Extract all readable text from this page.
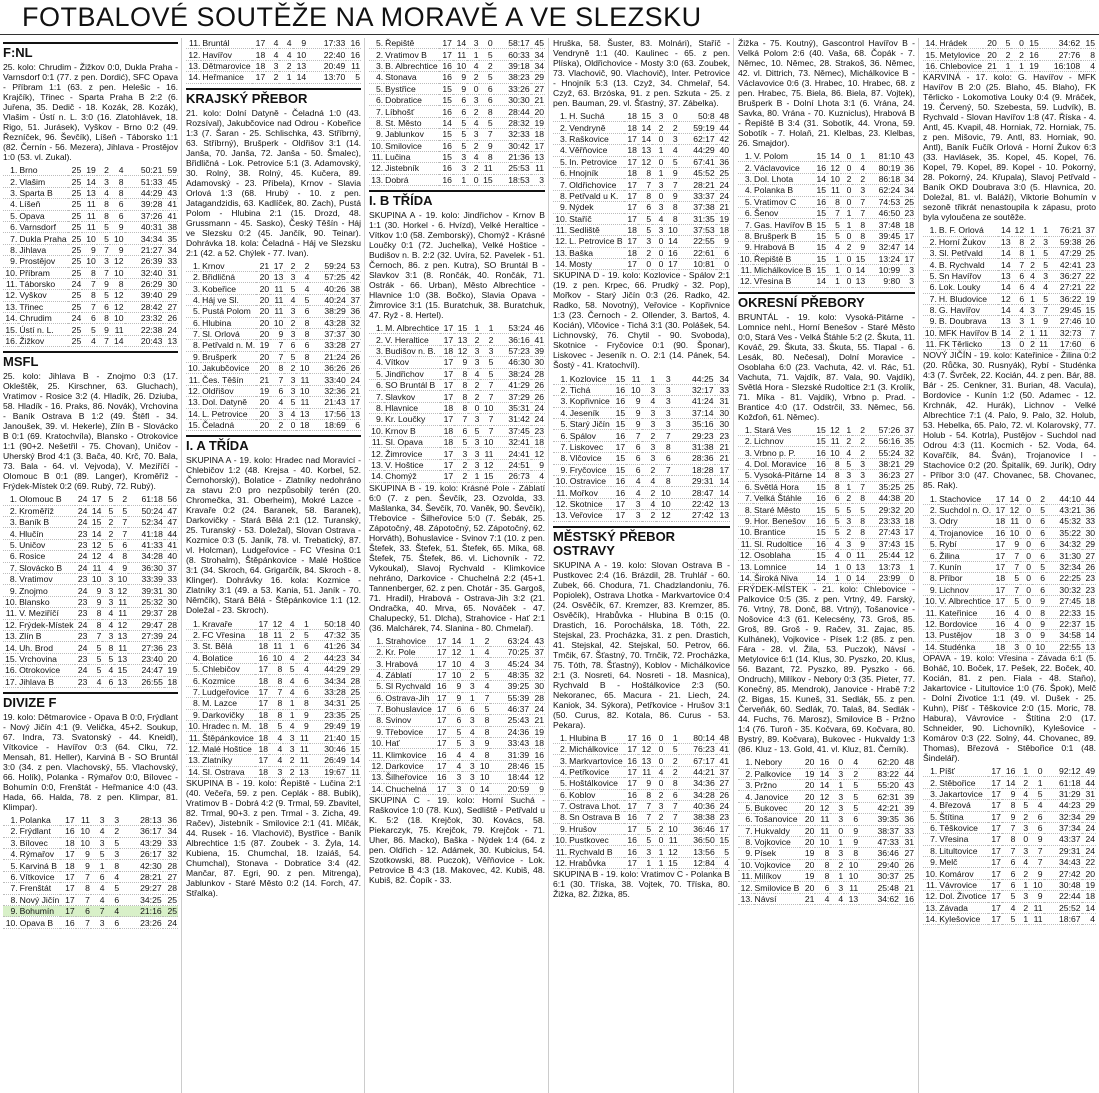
FOTBALOVÉ SOUTĚŽE NA MORAVĚ A VE SLEZSKU
F:NL

25. kolo: Chrudim - Žižkov 0:0, Dukla Praha - Varnsdorf 0:1 (77. z pen. Dordić), SFC Opava - Příbram 1:1 (63. z pen. Helešic - 16. Krajčík), Třinec - Sparta Praha B 2:2 (6. Juřena, 35. Dedič - 18. Kozák, 28. Kozák), Vlašim - Ústí n. L. 3:0 (16. Zlatohlávek, 18. Rigo, 51. Jurásek), Vyškov - Brno 0:2 (49. Řezníček, 96. Ševčík), Líšeň - Táborsko 1:1 (82. Černín - 56. Mezera), Jihlava - Prostějov 1:0 (53. vl. Zukal).

1.	Brno	25	19	2	4	50:21	59
2.	Vlašim	25	14	3	8	51:33	45
3.	Sparta B	25	13	4	8	44:29	43
4.	Líšeň	25	11	8	6	39:28	41
5.	Opava	25	11	8	6	37:26	41
6.	Varnsdorf	25	11	5	9	40:31	38
7.	Dukla Praha	25	10	5	10	34:34	35
8.	Jihlava	25	9	7	9	21:27	34
9.	Prostějov	25	10	3	12	26:39	33
10.	Příbram	25	8	7	10	32:40	31
11.	Táborsko	24	7	9	8	26:29	30
12.	Vyškov	25	8	5	12	39:40	29
13.	Třinec	25	7	6	12	28:42	27
14.	Chrudim	24	6	8	10	23:32	26
15.	Ústí n. L.	25	5	9	11	22:38	24
16.	Žižkov	25	4	7	14	20:43	13
MSFL

25. kolo: Jihlava B - Znojmo 0:3 (17. Okleštěk, 25. Kirschner, 63. Gluchach), Vratimov - Rosice 3:2 (4. Hladík, 26. Dziuba, 58. Hladík - 16. Praks, 86. Novák), Vrchovina - Baník Ostrava B 1:2 (49. Štěfl - 34. Janoušek, 39. vl. Hekerle), Zlín B - Slovácko B 0:1 (69. Kratochvíla), Blansko - Otrokovice 1:1 (90+2. Nešetřil - 75. Chovan), Uničov - Uherský Brod 4:1 (3. Bača, 40. Krč, 70. Bala, 73. Bala - 64. vl. Vejvoda), V. Meziříčí - Olomouc B 0:1 (89. Langer), Kroměříž - Frýdek-Místek 0:2 (69. Rubý, 72. Rubý).

1.	Olomouc B	24	17	5	2	61:18	56
2.	Kroměříž	24	14	5	5	50:24	47
3.	Baník B	24	15	2	7	52:34	47
4.	Hlučín	23	14	2	7	41:18	44
5.	Uničov	23	12	5	6	41:33	41
6.	Rosice	24	12	4	8	34:28	40
7.	Slovácko B	24	11	4	9	36:30	37
8.	Vratimov	23	10	3	10	33:39	33
9.	Znojmo	24	9	3	12	39:31	30
10.	Blansko	23	9	3	11	25:32	30
11.	V. Meziříčí	23	8	4	11	29:37	28
12.	Frýdek-Místek	24	8	4	12	29:47	28
13.	Zlín B	23	7	3	13	27:39	24
14.	Uh. Brod	24	5	8	11	27:36	23
15.	Vrchovina	23	5	5	13	23:40	20
16.	Otrokovice	24	5	4	15	24:47	19
17.	Jihlava B	23	4	6	13	26:55	18
DIVIZE F

19. kolo: Dětmarovice - Opava B 0:0, Frýdlant - Nový Jičín 4:1 (9. Velička, 45+2. Soukup, 67. Indra, 73. Svatonský - 44. Kneidl), Vítkovice - Havířov 0:3 (64. Clku, 72. Mensah, 81. Heller), Karviná B - SO Bruntál 3:0 (34. z pen. Vlachovský, 55. Vlachovský, 66. Holík), Polanka - Rýmařov 0:0, Bílovec - Bohumín 0:0, Frenštát - Heřmanice 4:0 (43. Hada, 66. Halda, 78. z pen. Klimpar, 81. Klimpar).

1.	Polanka	17	11	3	3	28:13	36
2.	Frýdlant	16	10	4	2	36:17	34
3.	Bílovec	18	10	3	5	43:29	33
4.	Rýmařov	17	9	5	3	26:17	32
5.	Karviná B	18	9	1	8	42:30	28
6.	Vítkovice	17	7	6	4	28:21	27
7.	Frenštát	17	8	4	5	29:27	28
8.	Nový Jičín	17	7	4	6	34:25	25
9.	Bohumín	17	6	7	4	21:16	25
10.	Opava B	16	7	3	6	23:26	24
11.	Bruntál	17	4	4	9	17:33	16
12.	Havířov	18	4	4	10	22:40	16
13.	Dětmarovice	18	3	2	13	20:49	11
14.	Heřmanice	17	2	1	14	13:70	5
KRAJSKÝ PŘEBOR

21. kolo: Dolní Datyně - Čeladná 1:0 (43. Rozsíval), Jakubčovice nad Odrou - Kobeřice 1:3 (7. Šaran - 25. Schlischka, 43. Stříbrný, 63. Stříbrný), Brušperk - Oldřišov 3:1 (14. Janša, 70. Janša, 72. Janša - 50. Šmalec), Břidličná - Lok. Petrovice 5:1 (3. Adamovský, 30. Rolný, 38. Rolný, 45. Kučera, 89. Adamovský - 23. Příbela), Krnov - Slavia Orlová 1:3 (68. Hrubý - 10. z pen. Jatagandzidis, 63. Kadlíček, 80. Zach), Pustá Polom - Hlubina 2:1 (15. Drozd, 48. Grussmann - 45. Sasko), Český Těšín - Háj ve Slezsku 0:2 (45. Jančík, 90. Teinar). Dohrávka 18. kola: Čeladná - Háj ve Slezsku 2:1 (42. a 52. Chýlek - 77. Ivan).

1.	Krnov	21	17	2	2	59:24	53
2.	Břidličná	20	13	3	4	57:25	42
3.	Kobeřice	20	11	5	4	40:26	38
4.	Háj ve Sl.	20	11	4	5	40:24	37
5.	Pustá Polom	20	11	3	6	38:29	36
6.	Hlubina	20	10	2	8	43:28	32
7.	Sl. Orlová	20	9	3	8	37:37	30
8.	Petřvald n. M.	19	7	6	6	33:28	27
9.	Brušperk	20	7	5	8	21:24	26
10.	Jakubčovice	20	8	2	10	36:26	26
11.	Čes. Těšín	21	7	3	11	33:40	24
12.	Oldřišov	19	6	3	10	32:36	21
13.	Dol. Datyně	20	4	5	11	21:43	17
14.	L. Petrovice	20	3	4	13	17:56	13
15.	Čeladná	20	2	0	18	18:69	6
I. A TŘÍDA

SKUPINA A - 19. kolo: Hradec nad Moravicí - Chlebičov 1:2 (48. Krejsa - 40. Korbel, 52. Černohorský), Bolatice - Zlatníky nedohráno za stavu 2:0 pro nezpůsobilý terén (20. Chromečka, 31. Oberheim), Mokré Lazce - Kravaře 0:2 (24. Baranek, 58. Baranek), Darkovičky - Stará Bělá 2:1 (12. Turanský, 25. Turanský - 53. Doležal), Slovan Ostrava - Kozmice 0:3 (5. Janík, 78. vl. Trebatický, 87. vl. Holcman), Ludgeřovice - FC Vřesina 0:1 (8. Strohalm), Štěpánkovice - Malé Hoštice 3:1 (34. Skroch, 64. Grigarčík, 84. Skroch - 8. Klinger). Dohrávky 16. kola: Kozmice - Zlatníky 3:1 (49. a 53. Kania, 51. Janík - 70. Němčík), Stará Bělá - Štěpánkovice 1:1 (12. Doležal - 23. Skroch).

1.	Kravaře	17	12	4	1	50:18	40
2.	FC Vřesina	18	11	2	5	47:32	35
3.	St. Bělá	18	11	1	6	41:26	34
4.	Bolatice	16	10	4	2	44:23	34
5.	Chlebičov	17	8	5	4	44:29	29
6.	Kozmice	18	8	4	6	34:34	28
7.	Ludgeřovice	17	7	4	6	33:28	25
8.	M. Lazce	17	8	1	8	34:31	25
9.	Darkovičky	18	8	1	9	23:35	25
10.	Hradec n. M.	18	5	4	9	29:49	19
11.	Štěpánkovice	18	4	3	11	21:40	15
12.	Malé Hoštice	18	4	3	11	30:46	15
13.	Zlatníky	17	4	2	11	26:49	14
14.	Sl. Ostrava	18	3	2	13	19:67	11

SKUPINA B - 19. kolo: Řepiště - Lučina 2:1 (40. Večeřa, 59. z pen. Ceplák - 88. Bubík), Vratimov B - Dobrá 4:2 (9. Trmal, 59. Zbavitel, 82. Trmal, 90+3. z pen. Trmal - 3. Zicha, 49. Račev), Jistebník - Smilovice 2:1 (41. Mlčák, 44. Rusek - 16. Vlachovič), Bystřice - Baník Albrechtice 1:5 (87. Zoubek - 3. Žyla, 14. Kubiena, 15. Chumchal, 18. Izaiáš, 54. Chumchal), Stonava - Dobratice 3:4 (42. Mančar, 87. Egri, 90. z pen. Mitrenga), Jablunkov - Staré Město 0:2 (14. Forch, 47. Střalka).

5.	Řepiště	17	14	3	0	58:17	45
2.	Vratimov B	17	11	1	5	60:33	34
3.	B. Albrechtice	16	10	4	2	39:18	34
4.	Stonava	16	9	2	5	38:23	29
5.	Bystřice	15	9	0	6	33:26	27
6.	Dobratice	15	6	3	6	30:30	21
7.	Líbhošť	16	6	2	8	28:44	20
8.	St. Město	14	5	4	5	28:32	19
9.	Jablunkov	15	5	3	7	32:33	18
10.	Smilovice	16	5	2	9	30:42	17
11.	Lučina	15	3	4	8	21:36	13
12.	Jistebník	16	3	2	11	25:53	11
13.	Dobrá	16	1	0	15	18:53	3
I. B TŘÍDA

SKUPINA A - 19. kolo: Jindřichov - Krnov B 1:1 (30. Horkel - 6. Hvízd), Velké Heraltice - Vítkov 1:0 (58. Zemborský), Chomýž - Krásné Loučky 0:1 (72. Juchelka), Velké Hoštice - Budišov n. B. 2:2 (32. Uvíra, 52. Pavelek - 51. Černoch, 86. z pen. Kutra), SO Bruntál B - Slavkov 3:1 (8. Rončák, 40. Rončák, 71. Ostrák - 66. Urban), Město Albrechtice - Hlavnice 1:0 (38. Bočko), Slavia Opava - Žimrovice 3:1 (15. Buratchuk, 38. Buratchuk, 47. Ryž - 8. Hertel).

1.	M. Albrechtice	17	15	1	1	53:24	46
2.	V. Heraltice	17	13	2	2	36:16	41
3.	Budišov n. B.	18	12	3	3	57:23	39
4.	Vítkov	17	9	3	5	46:30	30
5.	Jindřichov	17	8	4	5	38:24	28
6.	SO Bruntál B	17	8	2	7	41:29	26
7.	Slavkov	17	8	2	7	37:29	26
8.	Hlavnice	18	8	0	10	35:31	24
9.	Kr. Loučky	17	7	3	7	31:42	24
10.	Krnov B	18	6	5	7	37:45	23
11.	Sl. Opava	18	5	3	10	32:41	18
12.	Žimrovice	17	3	3	11	24:41	12
13.	V. Hoštice	17	2	3	12	24:51	9
14.	Chomýž	17	2	1	15	26:73	4

SKUPINA B - 19. kolo: Krásné Pole - Záblatí 6:0 (7. z pen. Ševčík, 23. Ozvolda, 33. Mašlanka, 34. Ševčík, 70. Vaněk, 90. Ševčík), Třebovice - Šilheřovice 5:0 (7. Šebák, 25. Zápotočný, 48. Zápotočný, 52. Zápotočný, 62. Horváth), Bohuslavice - Svinov 7:1 (10. z pen. Štefek, 33. Štefek, 51. Štefek, 65. Míka, 68. Štefek, 75. Štefek, 86. vl. Lichovník - 72. Vykoukal), Slavoj Rychvald - Klimkovice nehráno, Darkovice - Chuchelná 2:2 (45+1. Tannenberger, 62. z pen. Chotár - 35. Gargoš, 71. Hradil), Hrabová - Ostrava-Jih 3:2 (21. Ondračka, 40. Mrva, 65. Nováček - 47. Chalupecký, 51. Dlcha), Strahovice - Hať 2:1 (36. Malchárek, 74. Slanina - 80. Chmelař).

1.	Strahovice	17	14	1	2	63:24	43
2.	Kr. Pole	17	12	1	4	70:25	37
3.	Hrabová	17	10	4	3	45:24	34
4.	Záblatí	17	10	2	5	48:35	32
5.	Sl Rychvald	16	9	3	4	39:25	30
6.	Ostrava-Jih	17	9	1	7	55:39	28
7.	Bohuslavice	17	6	6	5	46:37	24
8.	Svinov	17	6	3	8	25:43	21
9.	Třebovice	17	5	4	8	24:36	19
10.	Hať	17	5	3	9	33:43	18
11.	Klimkovice	16	4	4	8	31:39	16
12.	Darkovice	17	4	3	10	28:46	15
13.	Šilheřovice	16	3	3	10	18:44	12
14.	Chuchelná	17	3	0	14	20:59	9

SKUPINA C - 19. kolo: Horní Suchá - Raškovice 1:0 (78. Kux), Sedliště - Petřvald u K. 5:2 (18. Krejčok, 30. Kovács, 58. Piekarczyk, 75. Krejčok, 79. Krejčok - 71. Uher, 86. Macko), Baška - Nýdek 1:4 (64. z pen. Oldřich - 12. Adámek, 30. Kubicius, 54. Szotkowski, 88. Puczok), Věřňovice - Lok. Petrovice B 4:3 (18. Makovec, 42. Kubiš, 48. Kubiš, 82. Čopík - 33.

Hruška, 58. Šuster, 83. Molnári), Staříč - Vendryně 1:1 (40. Kaulinec - 65. z pen. Plíska), Oldřichovice - Mosty 3:0 (63. Zoubek, 73. Vlachovič, 90. Vlachovič), Inter. Petrovice - Hnojník 5:3 (13. Czyž, 34. Chmelař, 54. Czyž, 63. Brzóska, 91. z pen. Szkuta - 25. z pen. Bauman, 29. vl. Šťastný, 37. Zábelka).

1.	H. Suchá	18	15	3	0	50:8	48
2.	Vendryně	18	14	2	2	59:19	44
3.	Raškovice	17	14	0	3	62:17	42
4.	Věřňovice	18	13	1	4	44:29	40
5.	In. Petrovice	17	12	0	5	67:41	36
6.	Hnojník	18	8	1	9	45:52	25
7.	Oldřichovice	17	7	3	7	28:21	24
8.	Petřvald u K.	17	8	0	9	33:37	24
9.	Nýdek	17	6	3	8	37:38	21
10.	Staříč	17	5	4	8	31:35	19
11.	Sedliště	18	5	3	10	37:53	18
12.	L. Petrovice B	17	3	0	14	22:55	9
13.	Baška	18	2	0	16	22:61	6
14.	Mosty	17	0	0	17	10:81	0

SKUPINA D - 19. kolo: Kozlovice - Spálov 2:1 (19. z pen. Krpec, 66. Prudký - 32. Pop), Mořkov - Starý Jičín 0:3 (26. Radko, 42. Radko, 58. Novotný), Veřovice - Kopřivnice 1:3 (23. Černoch - 2. Ollender, 3. Bartoš, 4. Kocián), Vlčovice - Tichá 3:1 (30. Polášek, 54. Lichnovský, 76. Chytil - 90. Svoboda), Skotnice - Fryčovice 0:1 (90. Šponar), Liskovec - Jeseník n. O. 2:1 (14. Pánek, 54. Šostý - 41. Kratochvíl).

1.	Kozlovice	15	11	1	3	44:25	34
2.	Tichá	16	10	3	3	32:17	33
3.	Kopřivnice	16	9	4	3	41:24	31
4.	Jeseník	15	9	3	3	37:14	30
5.	Starý Jičín	15	9	3	3	35:16	30
6.	Spálov	16	7	2	7	29:23	23
7.	Liskovec	17	6	3	8	31:38	21
8.	Vlčovice	15	6	3	6	28:36	21
9.	Fryčovice	15	6	2	7	18:28	17
10.	Ostravice	16	4	4	8	29:31	14
11.	Mořkov	16	4	2	10	28:47	14
12.	Skotnice	17	3	4	10	22:42	13
13.	Veřovice	17	3	2	12	27:42	13
MĚSTSKÝ PŘEBOR OSTRAVY

SKUPINA A - 19. kolo: Slovan Ostrava B - Pustkovec 2:4 (16. Brázdil, 28. Truhlář - 60. Zubek, 66. Chodura, 71. Chadzlandoniu, 76. Popiolek), Ostrava Lhotka - Markvartovice 0:4 (24. Osvěčík, 67. Kremzer, 83. Kremzer, 85. Osvěčík), Hrabůvka - Hlubina B 0:15 (0. Drastich, 16. Porochálska, 18. Tóth, 22. Stejskal, 23. Procházka, 31. z pen. Drastich, 41. Stejskal, 42. Stejskal, 50. Petrov, 66. Tmčik, 67. Šťastný, 70. Trnčik, 72. Procházka, 75. Tóth, 78. Šťastný), Koblov - Michálkovice 2:1 (3. Nosreti, 64. Nosreti - 18. Masnica), Rychvald B - Hoštálkovice 2:3 (50. Nekoranec, 65. Macura - 21. Liech, 24. Kaniok, 34. Sýkora), Petřkovice - Hrušov 3:1 (50. Curus, 82. Kotala, 86. Curus - 53. Pekara).

1.	Hlubina B	17	16	0	1	80:14	48
2.	Michálkovice	17	12	0	5	76:23	41
3.	Markvartovice	16	13	0	2	67:17	41
4.	Petřkovice	17	11	4	2	44:21	37
5.	Hoštálkovice	17	9	0	8	34:36	27
6.	Koblov	16	8	2	6	34:28	26
7.	Ostrava Lhot.	17	7	3	7	40:36	24
8.	Sn Ostrava B	16	7	2	7	38:38	23
9.	Hrušov	17	5	2	10	36:46	17
10.	Pustkovec	16	5	0	11	36:50	15
11.	Rychvald B	16	3	1	12	13:56	5
12.	Hrabůvka	17	1	1	15	12:84	4

SKUPINA B - 19. kolo: Vratimov C - Polanka B 6:1 (30. Tříska, 38. Vojtek, 70. Tříska, 80. Žižka, 82. Žižka, 85.

Žižka - 75. Koutný), Gascontrol Havířov B - Velká Polom 2:6 (40. Vaša, 68. Čopák - 7. Němec, 10. Němec, 28. Strakoš, 36. Němec, 42. vl. Dittrich, 73. Němec), Michálkovice B - Václavovice 0:6 (3. Hrabec, 10. Hrabec, 68. z pen. Hrabec, 75. Biela, 86. Biela, 87. Vojtek), Brušperk B - Dolní Lhota 3:1 (6. Vrána, 24. Savka, 80. Vrána - 70. Kuzniclus), Hrabová B - Řepiště B 3:4 (31. Sobotík, 44. Vrona, 59. Sobotík - 7. Holaň, 21. Klelbas, 23. Klelbas, 26. Smajdor).

1.	V. Polom	15	14	0	1	81:10	43
2.	Václavovice	16	12	0	4	80:19	36
3.	Dol. Lhota	14	10	2	2	86:18	34
4.	Polanka B	15	11	0	3	62:24	34
5.	Vratimov C	16	8	0	7	74:53	25
6.	Šenov	15	7	1	7	46:50	23
7.	Gas. Havířov B	15	5	1	8	37:48	18
8.	Brušperk B	15	5	0	8	39:45	17
9.	Hrabová B	15	4	2	9	32:47	14
10.	Řepiště B	15	1	0	15	13:24	17
11.	Michálkovice B	15	1	0	14	10:99	3
12.	Vřesina B	14	1	0	13	9:80	3
OKRESNÍ PŘEBORY

BRUNTÁL - 19. kolo: Vysoká-Pitárne - Lomnice nehl., Horní Benešov - Staré Město 0:0, Stará Ves - Velká Štáhle 5:2 (2. Škuta, 11. Kováč, 29. Škuta, 33. Škuta, 55. Tlapal - 6. Lesák, 80. Nečesal), Dolní Moravice - Osoblaha 6:0 (23. Vachuta, 42. vl. Rác, 51. Vachuta, 71. Vajdík, 87. Vala, 90. Vajdík), Světlá Hora - Slezské Rudoltice 2:1 (3. Krolík, 71. Míka - 81. Vajdík), Vrbno p. Prad. - Brantice 4:0 (17. Odstrčil, 33. Němec, 56. Kožďoň, 61. Němec).

1.	Stará Ves	15	12	1	2	57:26	37
2.	Lichnov	15	11	2	2	56:16	35
3.	Vrbno p. P.	16	10	4	2	55:24	32
4.	Dol. Moravice	16	8	5	3	38:21	29
5.	Vysoká-Pitárne	14	8	3	3	36:23	27
6.	Světlá Hora	15	8	1	7	35:25	25
7.	Velká Štáhle	16	6	2	8	44:38	20
8.	Staré Město	15	5	5	5	29:32	20
9.	Hor. Benešov	16	5	3	8	23:33	18
10.	Brantice	15	5	2	8	27:43	17
11.	Sl. Rudoltice	16	4	3	9	37:43	15
12.	Osoblaha	15	4	0	11	25:44	12
13.	Lomnice	14	1	0	13	13:73	1
14.	Široká Niva	14	1	0	14	23:99	0

FRÝDEK-MÍSTEK - 21. kolo: Chlebovice - Palkovice 0:5 (35. z pen. Vrtný, 49. Farský, 76. Vrtný, 78. Donč, 88. Vrtný), Tošanovice - Nošovice 4:3 (61. Kelecsény, 73. Groš, 85. Groš, 89. Groš - 9. Račev, 31. Zajac, 85. Kulhánek), Vojkovice - Písek 1:2 (85. z pen. Fára - 28. vl. Žila, 53. Puczok), Návsí - Metylovice 6:1 (14. Klus, 30. Pyszko, 20. Klus, 56. Bazant, 72. Pyszko, 89. Pyszko - 66. Ondruch), Milíkov - Nebory 0:3 (35. Pieter, 77. Konečný, 85. Mendrok), Janovice - Hrabě 7:2 (2. Bigas, 15. Kuneš, 31. Sedlák, 55. z pen. Červeňák, 60. Sedlák, 70. Talaš, 84. Sedlák - 44. Fuchs, 76. Marosz), Smilovice B - Pržno 1:4 (76. Turoň - 35. Kočvara, 69. Kočvara, 80. Bystrý, 89. Kočvara), Bukovec - Hukvaldy 1:3 (86. Kluz - 13. Gold, 41. vl. Kluz, 81. Černík).

1.	Nebory	20	16	0	4	62:20	48
2.	Palkovice	19	14	3	2	83:22	44
3.	Pržno	20	14	1	5	55:20	43
4.	Janovice	20	12	3	5	62:31	39
5.	Bukovec	20	12	3	5	42:21	39
6.	Tošanovice	20	11	3	6	39:35	36
7.	Hukvaldy	20	11	0	9	38:37	33
8.	Vojkovice	20	10	1	9	47:33	31
9.	Písek	19	8	3	8	36:46	27
10.	Vojkovice	20	8	2	10	29:40	26
11.	Milíkov	19	8	1	10	30:37	25
12.	Smilovice B	20	6	3	11	25:48	21
13.	Návsí	21	4	4	13	34:62	16
14.	Hrádek	20	5	0	15	34:62	15
15.	Metylovice	20	2	2	16	27:76	8
16.	Chlebovice	21	1	1	19	16:108	4

KARVINÁ - 17. kolo: G. Havířov - MFK Havířov B 2:0 (25. Blaho, 45. Blaho), FK Těrlicko - Lokomotiva Louky 0:4 (9. Mráček, 19. Červený, 50. Szebesta, 59. Ludvík), B. Rychvald - Slovan Havířov 1:8 (47. Říska - 4. Antl, 45. Kvapil, 48. Horniak, 72. Horniak, 75. z pen. Mišovic, 79. Antl, 83. Horniak, 90. Antl), Baník Fučík Orlová - Horní Žukov 6:3 (33. Havlásek, 35. Kopel, 45. Kopel, 76. Kopel, 79. Kopel, 89. Kopel - 10. Pokorný, 28. Pokorný, 24. Křupala), Slavoj Petřvald - Baník OKD Doubrava 3:0 (5. Hlavnica, 20. Doležal, 81. vl. Baláží), Viktorie Bohumín v sezoně třikrát nenastoupila k zápasu, proto byla vyloučena ze soutěže.

1.	B. F. Orlová	14	12	1	1	76:21	37
2.	Horní Žukov	13	8	2	3	59:38	26
3.	Sl. Petřvald	14	8	1	5	47:29	25
4.	B. Rychvald	14	7	2	5	42:41	23
5.	Sn Havířov	13	6	4	3	36:27	22
6.	Lok. Louky	14	6	4	4	27:21	22
7.	H. Bludovice	12	6	1	5	36:22	19
8.	G. Havířov	14	4	3	7	29:45	15
9.	B. Doubrava	13	3	1	9	27:46	10
10.	MFK Havířov B	14	2	1	11	32:73	7
11.	FK Těrlicko	13	0	2	11	17:60	6

NOVÝ JIČÍN - 19. kolo: Kateřinice - Žilina 0:2 (20. Růčka, 30. Rusnyák), Rybí - Studénka 4:3 (7. Švrček, 22. Kocián, 44. z pen. Bár, 88. Bár - 25. Cenkner, 31. Burian, 48. Vacula), Bordovice - Kunín 1:2 (50. Adamec - 12. Krchnák, 42. Hurák), Lichnov - Velké Albrechtice 7:1 (4. Palo, 9. Palo, 32. Holub, 53. Hebelka, 65. Palo, 72. vl. Kolarovský, 77. Holub - 54. Kotrla), Pustějov - Suchdol nad Odrou 4:3 (11. Kocmich - 52. Voda, 64. Kovařčík, 84. Šván), Trojanovice I - Stachovice 0:2 (20. Špitalík, 69. Jurík), Odry - Příbor 3:0 (47. Chovanec, 58. Chovanec, 85. Rak).

1.	Stachovice	17	14	0	2	44:10	44
2.	Suchdol n. O.	17	12	0	5	43:21	36
3.	Odry	18	11	0	6	45:32	33
4.	Trojanovice	16	10	0	6	35:22	30
5.	Rybí	17	9	0	6	34:32	29
6.	Žilina	17	7	0	6	31:30	27
7.	Kunín	17	7	0	5	32:34	26
8.	Příbor	18	5	0	6	22:25	23
9.	Lichnov	17	7	0	6	30:32	23
10.	V. Albrechtice	17	5	0	9	27:45	18
11.	Kateřinice	16	4	0	8	22:33	15
12.	Bordovice	16	4	0	9	22:37	15
13.	Pustějov	18	3	0	9	34:58	14
14.	Studénka	18	3	0	10	22:55	13

OPAVA - 19. kolo: Vřesina - Závada 6:1 (5. Boháč, 10. Boček, 17. Pešek, 22. Boček, 40. Kocián, 81. z pen. Fiala - 48. Staňo), Jakartovice - Litultovice 1:0 (76. Špok), Melč - Dolní Životice 1:1 (49. vl. Dušek - 25. Kuhn), Píšť - Těškovice 2:0 (15. Moric, 78. Habura), Vávrovice - Štítina 2:0 (17. Schneider, 90. Lichovník), Kylešovice - Komárov 0:3 (22. Solný, 44. Chovanec, 89. Thomas), Březová - Stěbořice 0:1 (48. Šindelář).

1.	Píšť	17	16	1	0	92:12	49
2.	Stěbořice	17	14	2	1	61:18	44
3.	Jakartovice	17	9	4	5	31:29	31
4.	Březová	17	8	5	4	44:23	29
5.	Štítina	17	9	2	6	32:34	29
6.	Těškovice	17	7	3	6	37:34	24
7.	Vřesina	17	8	0	9	43:37	24
8.	Litultovice	17	7	3	7	29:31	24
9.	Melč	17	6	4	7	34:43	22
10.	Komárov	17	6	2	9	27:42	20
11.	Vávrovice	17	6	1	10	30:48	19
12.	Dol. Životice	17	5	3	9	22:44	18
13.	Závada	17	4	2	11	25:52	14
14.	Kylešovice	17	5	1	11	18:67	4
